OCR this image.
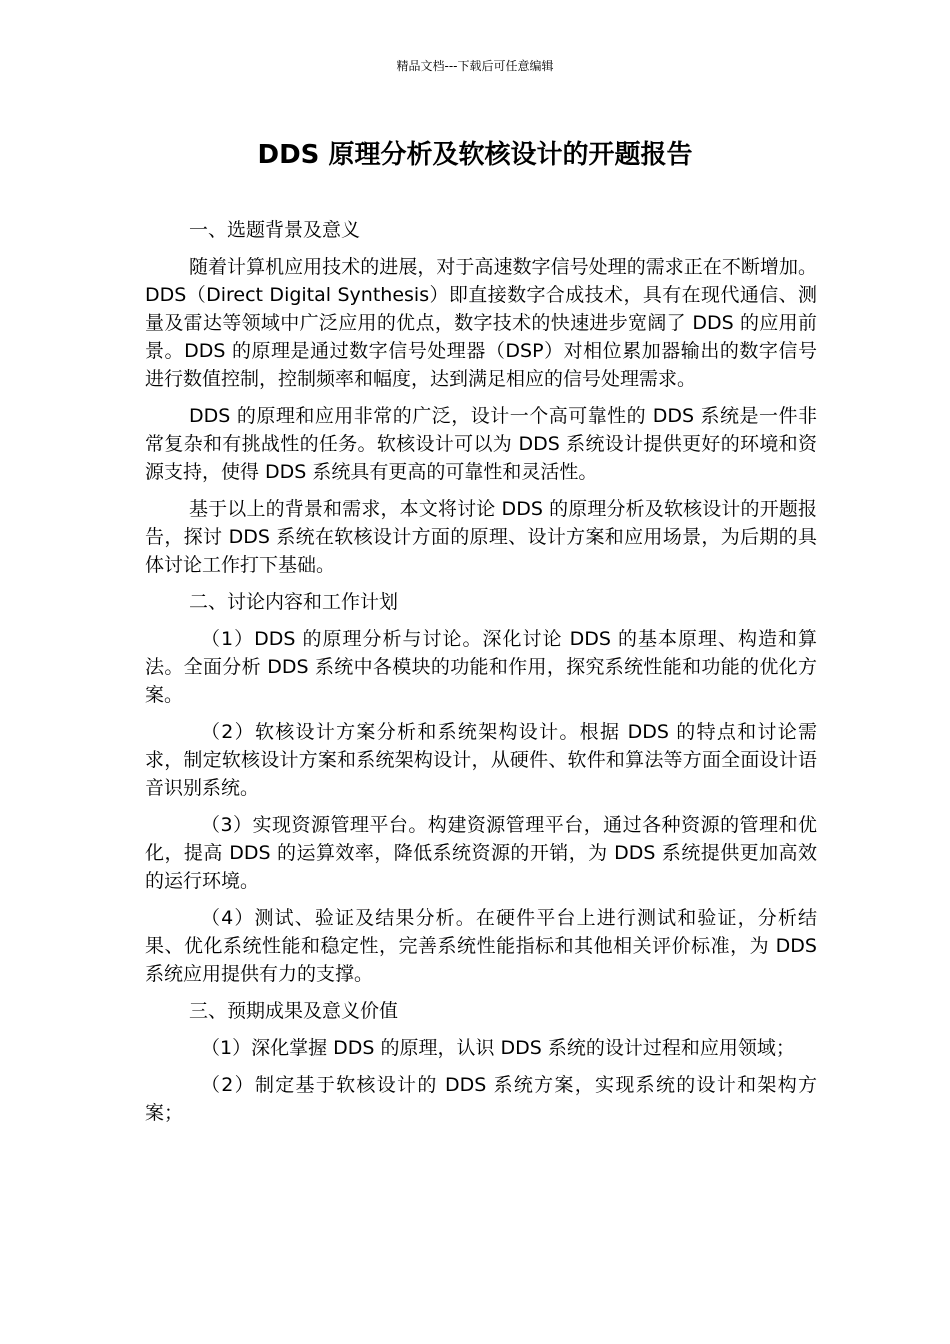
精品文档---下载后可任意编辑
DDS 原理分析及软核设计的开题报告
一、选题背景及意义

随着计算机应用技术的进展，对于高速数字信号处理的需求正在不断增加。DDS（Direct Digital Synthesis）即直接数字合成技术，具有在现代通信、测量及雷达等领域中广泛应用的优点，数字技术的快速进步宽阔了 DDS 的应用前景。DDS 的原理是通过数字信号处理器（DSP）对相位累加器输出的数字信号进行数值控制，控制频率和幅度，达到满足相应的信号处理需求。

DDS 的原理和应用非常的广泛，设计一个高可靠性的 DDS 系统是一件非常复杂和有挑战性的任务。软核设计可以为 DDS 系统设计提供更好的环境和资源支持，使得 DDS 系统具有更高的可靠性和灵活性。

基于以上的背景和需求，本文将讨论 DDS 的原理分析及软核设计的开题报告，探讨 DDS 系统在软核设计方面的原理、设计方案和应用场景，为后期的具体讨论工作打下基础。

二、讨论内容和工作计划

（1）DDS 的原理分析与讨论。深化讨论 DDS 的基本原理、构造和算法。全面分析 DDS 系统中各模块的功能和作用，探究系统性能和功能的优化方案。

（2）软核设计方案分析和系统架构设计。根据 DDS 的特点和讨论需求，制定软核设计方案和系统架构设计，从硬件、软件和算法等方面全面设计语音识别系统。

（3）实现资源管理平台。构建资源管理平台，通过各种资源的管理和优化，提高 DDS 的运算效率，降低系统资源的开销，为 DDS 系统提供更加高效的运行环境。

（4）测试、验证及结果分析。在硬件平台上进行测试和验证，分析结果、优化系统性能和稳定性，完善系统性能指标和其他相关评价标准，为 DDS 系统应用提供有力的支撑。

三、预期成果及意义价值

（1）深化掌握 DDS 的原理，认识 DDS 系统的设计过程和应用领域；

（2）制定基于软核设计的 DDS 系统方案，实现系统的设计和架构方案；
